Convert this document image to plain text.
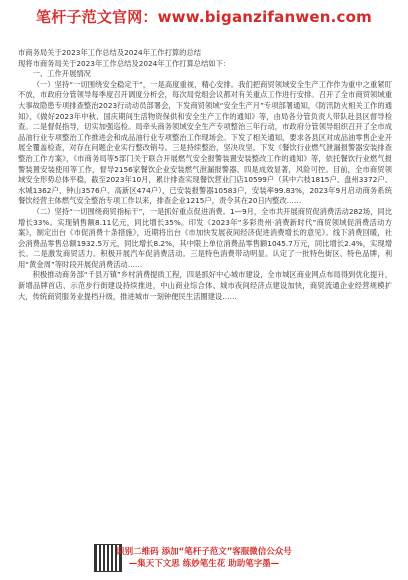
笔杆子范文官网：www.biganzifanwen.com
市商务局关于2023年工作总结及2024年工作打算的总结
现将市商务局关于2023年工作总结及2024年工作打算总结如下：

一、工作开展情况

（一）坚持“一切围绕安全稳定干”，一是高度重视，精心安排。我们把商贸领域安全生产工作作为重中之重紧盯不放，市政府分管领导每季度召开调度分析会，每次局党组会议都对有关重点工作进行安排。召开了全市商贸领域重大事故隐患专项排查整治2023行动动员部署会，下发商贸领域“安全生产月”专项部署通知，《防汛防火相关工作的通知》、《做好2023年中秋、国庆期间生活物资保供和安全生产工作的通知》等，由局各分管负责人带队赴县区督导检查。二是督促指导，切实加强巡检。局牵头商务领域安全生产专项整治三年行动，市政府分管领导组织召开了全市成品油行业专项整治工作推进会和成品油行业专项整治工作现场会。下发了相关通知，要求各县区对成品油零售企业开展全覆盖检查，对存在问题企业实行整改销号。三是持续整治，坚决攻坚。下发《餐饮行业燃气泄漏报警器安装排查整治工作方案》，《市商务局等5部门关于联合开展燃气安全报警装置安装整改工作的通知》等，依托餐饮行业燃气报警装置安装使用等工作，督导2156家餐饮企业安装燃气泄漏报警器。四是成效显著，风险可控。目前，全市商贸领域安全形势总体平稳，截至2023年10月，累计排查实现餐饮营业门店10599户（其中六枝1815户、盘州3372户、水城1362户、钟山3576户、高新区474户），已安装报警器10583户，安装率99.83%，2023年9月启动商务系统餐饮经营主体燃气安全整治专项工作以来，排查企业1215户，责令其在20日内整改……

（二）坚持“一切围绕商贸指标干”，一是抓好重点促进消费。1—9月，全市共开展商贸促消费活动282场，同比增长33%。实现销售额8.11亿元，同比增长35%。印发《2023年“多彩贵州·消费新时代”商贸领域促消费活动方案》，制定出台《市促消费十条措施》，近期将出台《市加快发展夜间经济促进消费增长的意见》。线下消费回暖，社会消费品零售总额1932.5万元，同比增长8.2%，其中限上单位消费品零售额1045.7万元，同比增长2.4%，实现增长。二是激发商贸活力。积极开展汽车促消费活动。三是特色消费带动明显。认定了一批特色街区、特色品牌，利用“黄金周”等时段开展促消费活动……

积极推动商务部“千县万镇”乡村消费提质工程，四是抓好中心城市建设，全市城区商业网点布局得到优化提升，新增品牌首店、示范步行街建设持续推进，中山商业综合体、城市夜间经济点建设加快，商贸流通企业经营规模扩大，传统商贸服务业提档升级，推进城市一刻钟便民生活圈建设……

识别二维码 添加“笔杆子范文”客服微信公众号
—集天下文思 练妙笔生花 助助笔字墨—
